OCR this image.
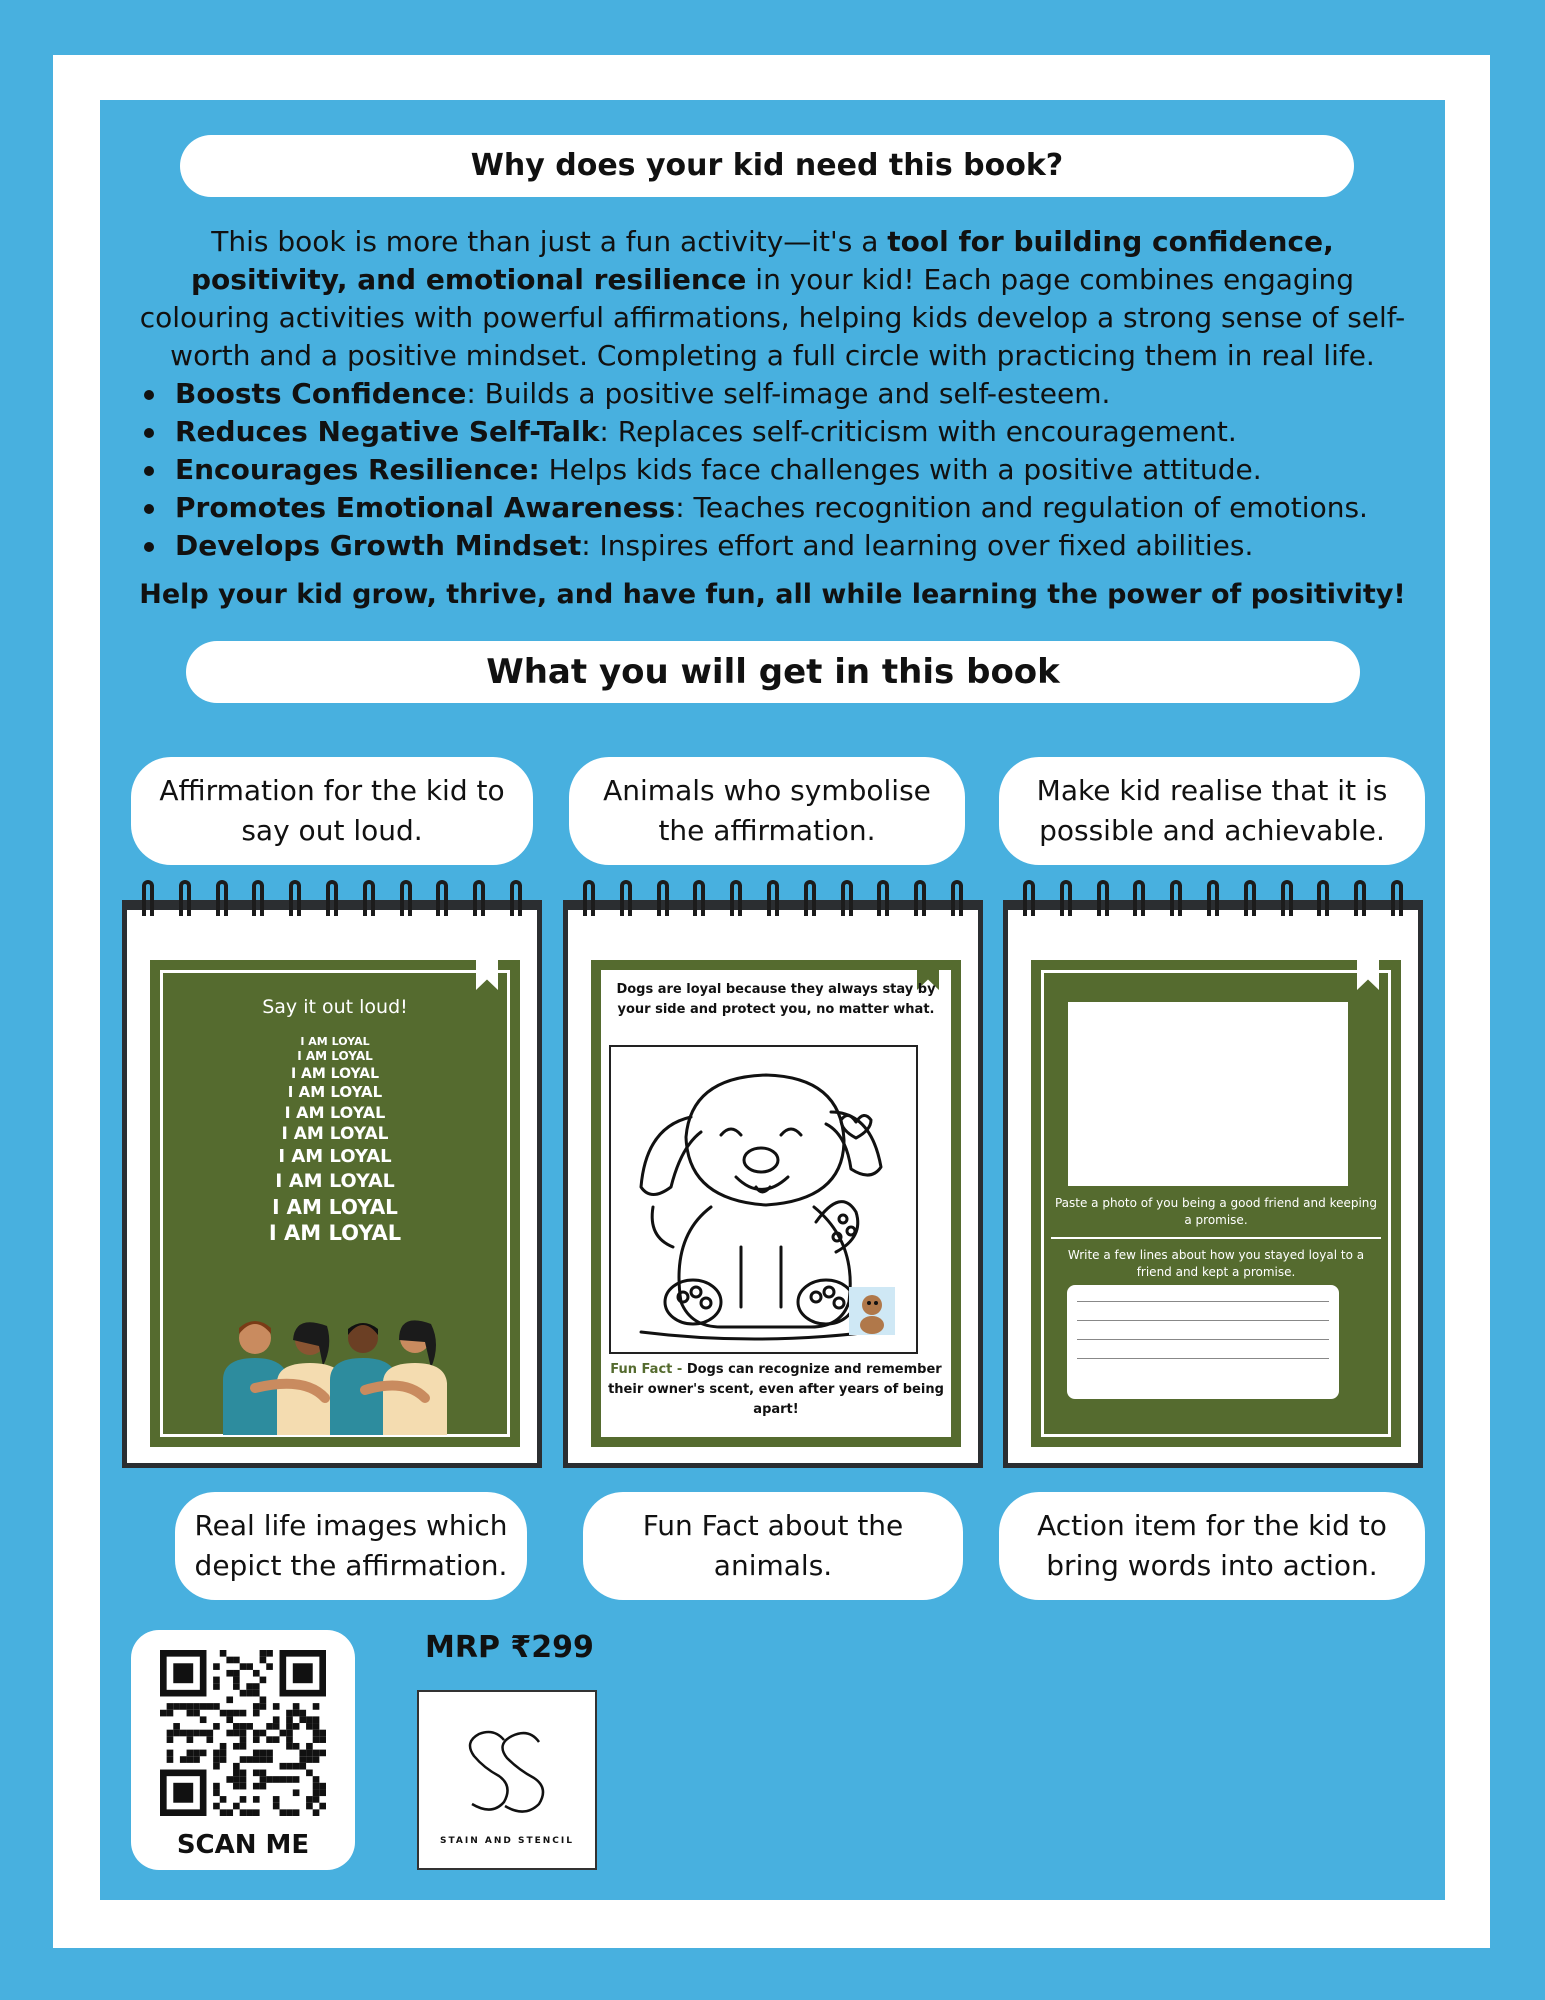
Why does your kid need this book?
This book is more than just a fun activity—it's a tool for building confidence, positivity, and emotional resilience in your kid! Each page combines engaging colouring activities with powerful affirmations, helping kids develop a strong sense of self-worth and a positive mindset. Completing a full circle with practicing them in real life.
Boosts Confidence: Builds a positive self-image and self-esteem.
Reduces Negative Self-Talk: Replaces self-criticism with encouragement.
Encourages Resilience: Helps kids face challenges with a positive attitude.
Promotes Emotional Awareness: Teaches recognition and regulation of emotions.
Develops Growth Mindset: Inspires effort and learning over fixed abilities.
Help your kid grow, thrive, and have fun, all while learning the power of positivity!
What you will get in this book
Affirmation for the kid to say out loud.
Animals who symbolise the affirmation.
Make kid realise that it is possible and achievable.
Say it out loud!
I AM LOYAL
I AM LOYAL
I AM LOYAL
I AM LOYAL
I AM LOYAL
I AM LOYAL
I AM LOYAL
I AM LOYAL
I AM LOYAL
I AM LOYAL
Dogs are loyal because they always stay by your side and protect you, no matter what.
Fun Fact - Dogs can recognize and remember their owner's scent, even after years of being apart!
Paste a photo of you being a good friend and keeping a promise.
Write a few lines about how you stayed loyal to a friend and kept a promise.
Real life images which depict the affirmation.
Fun Fact about the animals.
Action item for the kid to bring words into action.
SCAN ME
MRP ₹299
STAIN AND STENCIL
